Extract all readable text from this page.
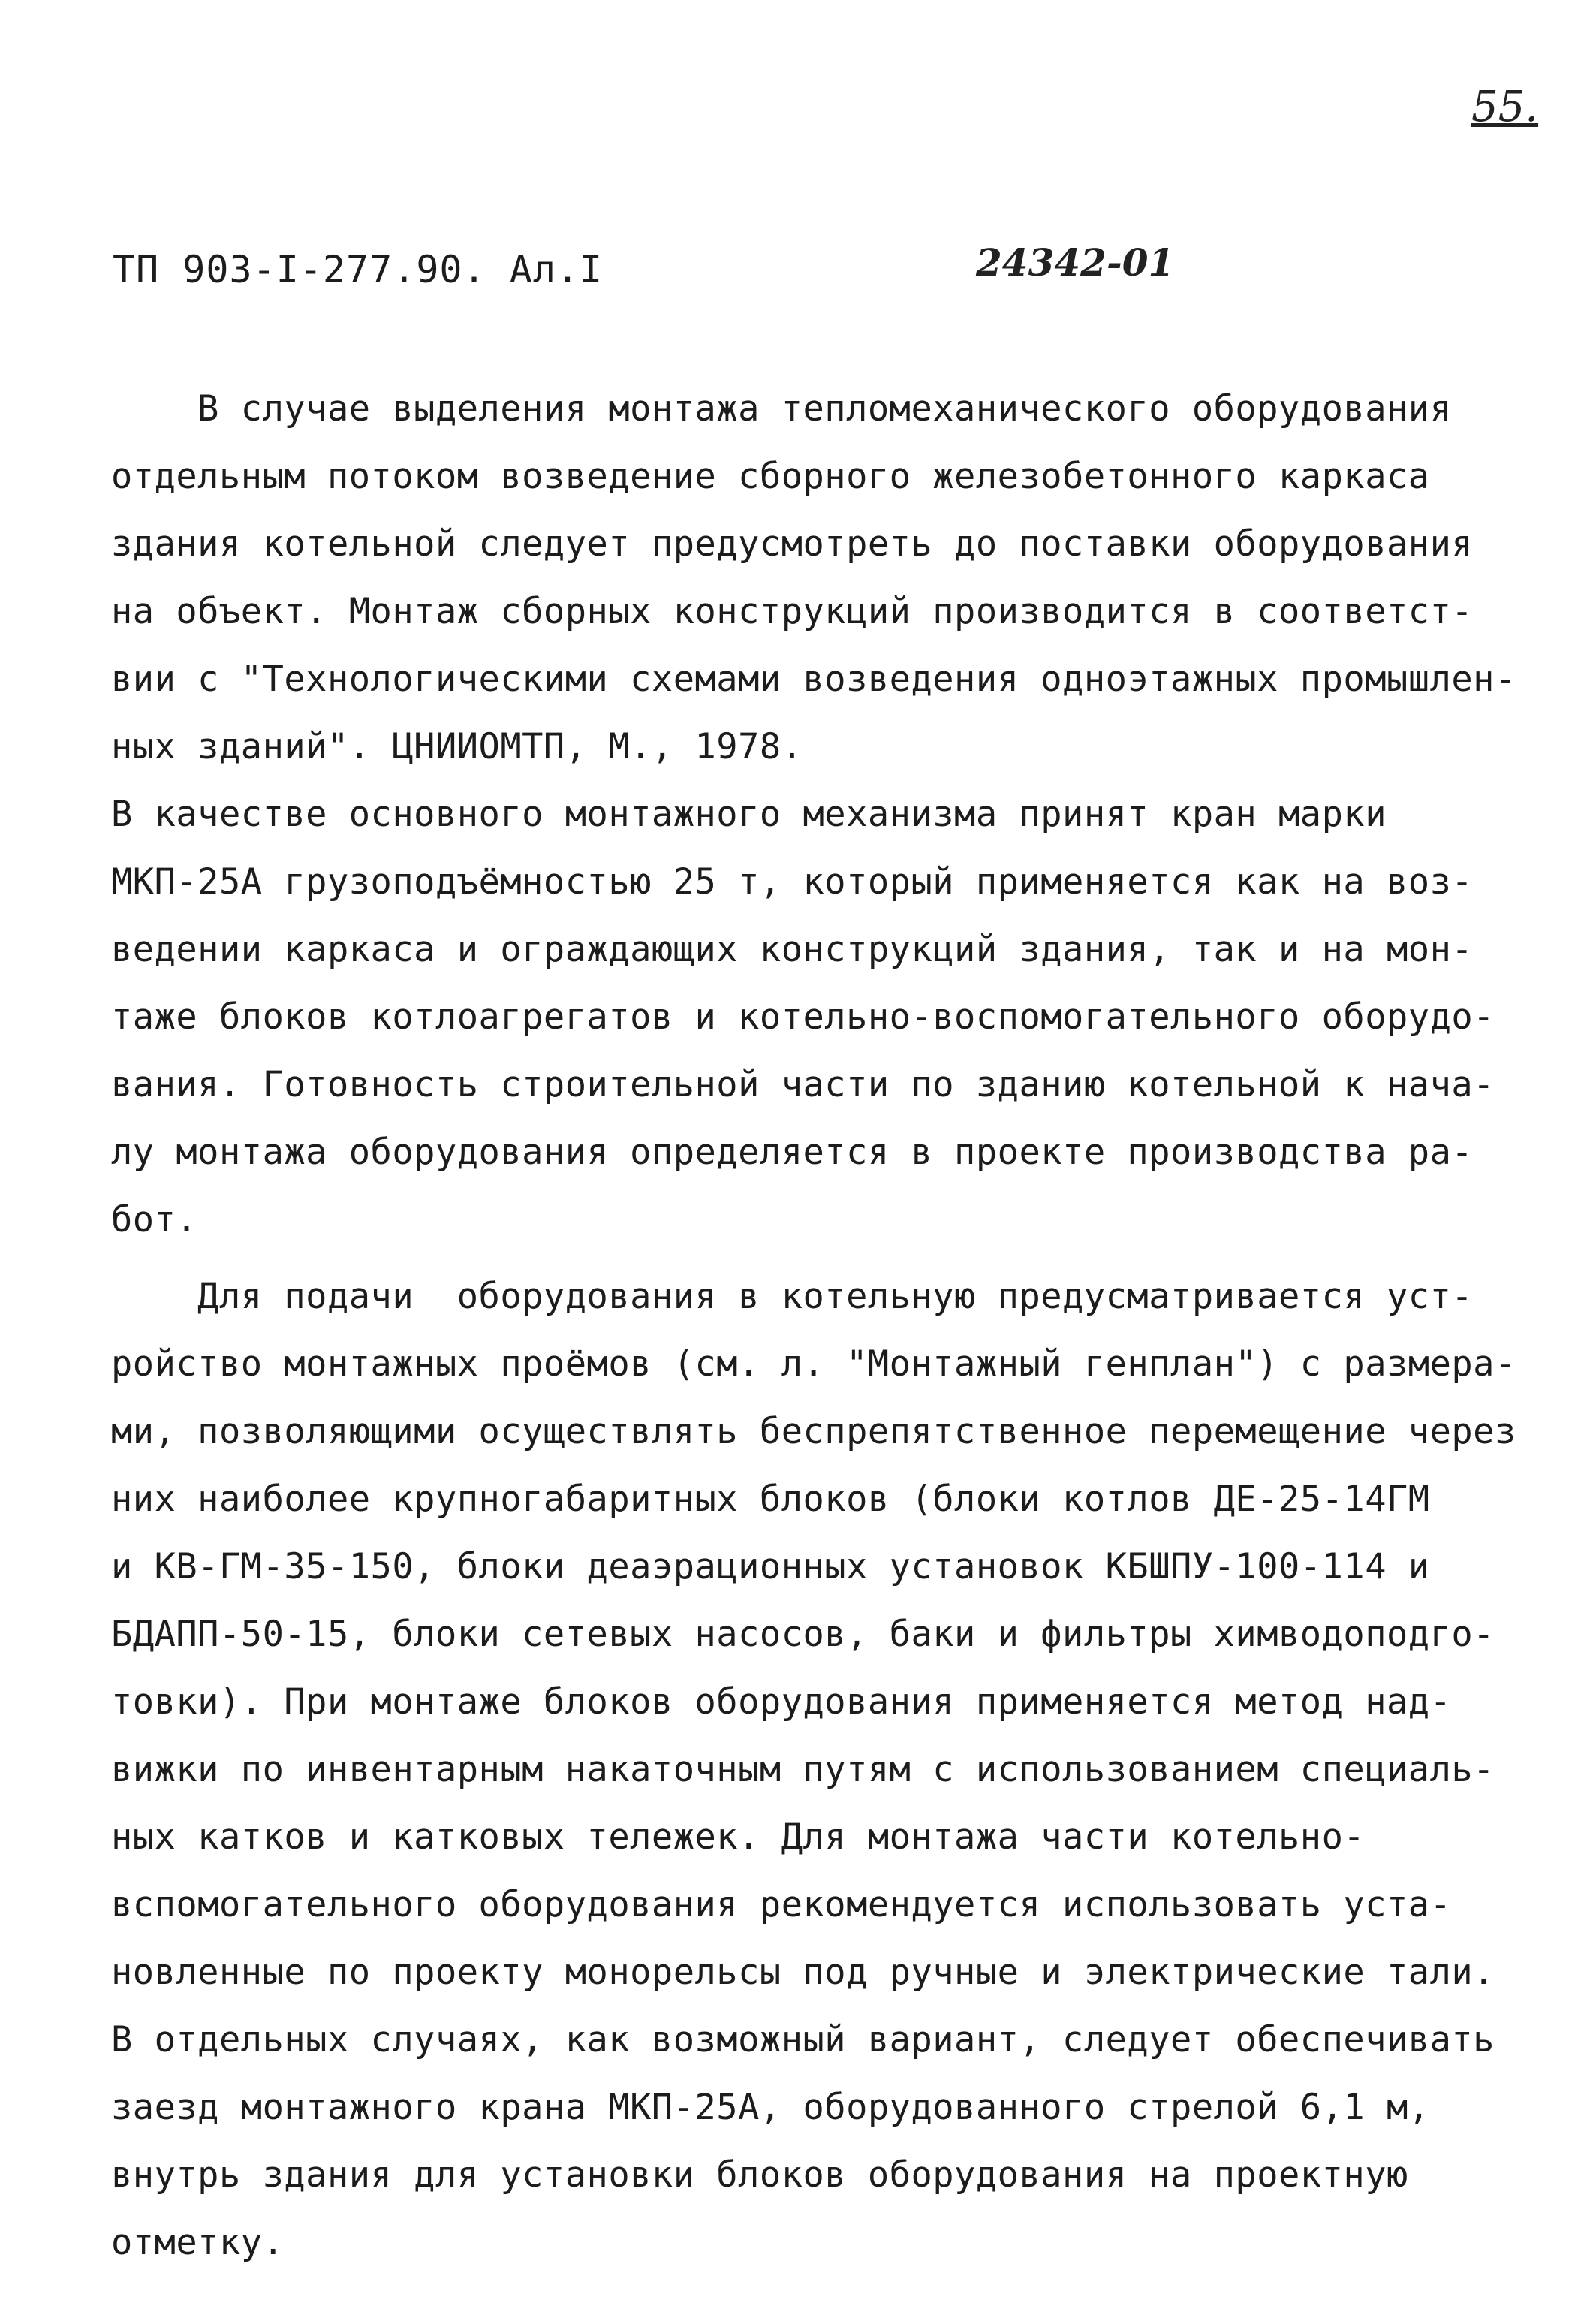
55.
ТП 903-I-277.90. Ал.I	24342-01
В случае выделения монтажа тепломеханического оборудования
отдельным потоком возведение сборного железобетонного каркаса
здания котельной следует предусмотреть до поставки оборудования
на объект. Монтаж сборных конструкций производится в соответст-
вии с "Технологическими схемами возведения одноэтажных промышлен-
ных зданий". ЦНИИОМТП, М., 1978.
В качестве основного монтажного механизма принят кран марки
МКП-25А грузоподъёмностью 25 т, который применяется как на воз-
ведении каркаса и ограждающих конструкций здания, так и на мон-
таже блоков котлоагрегатов и котельно-воспомогательного оборудо-
вания. Готовность строительной части по зданию котельной к нача-
лу монтажа оборудования определяется в проекте производства ра-
бот.
Для подачи  оборудования в котельную предусматривается уст-
ройство монтажных проёмов (см. л. "Монтажный генплан") с размера-
ми, позволяющими осуществлять беспрепятственное перемещение через
них наиболее крупногабаритных блоков (блоки котлов ДЕ-25-14ГМ
и КВ-ГМ-35-150, блоки деаэрационных установок КБШПУ-100-114 и
БДАПП-50-15, блоки сетевых насосов, баки и фильтры химводоподго-
товки). При монтаже блоков оборудования применяется метод над-
вижки по инвентарным накаточным путям с использованием специаль-
ных катков и катковых тележек. Для монтажа части котельно-
вспомогательного оборудования рекомендуется использовать уста-
новленные по проекту монорельсы под ручные и электрические тали.
В отдельных случаях, как возможный вариант, следует обеспечивать
заезд монтажного крана МКП-25А, оборудованного стрелой 6,1 м,
внутрь здания для установки блоков оборудования на проектную
отметку.
